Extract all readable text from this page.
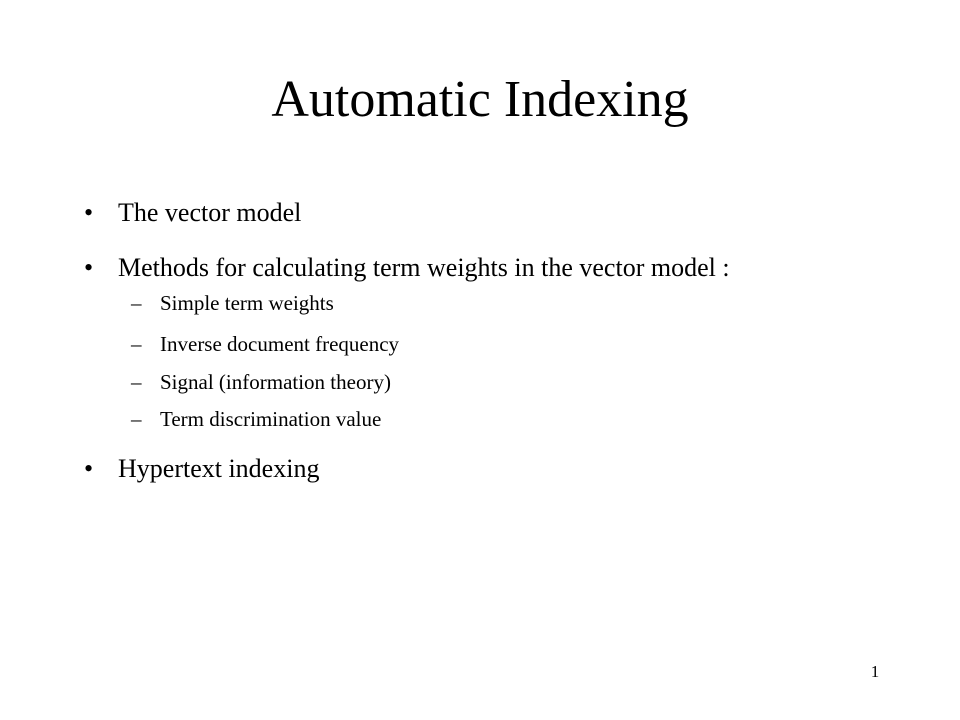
Automatic Indexing
• The vector model
• Methods for calculating term weights in the vector model :
– Simple term weights
– Inverse document frequency
– Signal (information theory)
– Term discrimination value
• Hypertext indexing
1
